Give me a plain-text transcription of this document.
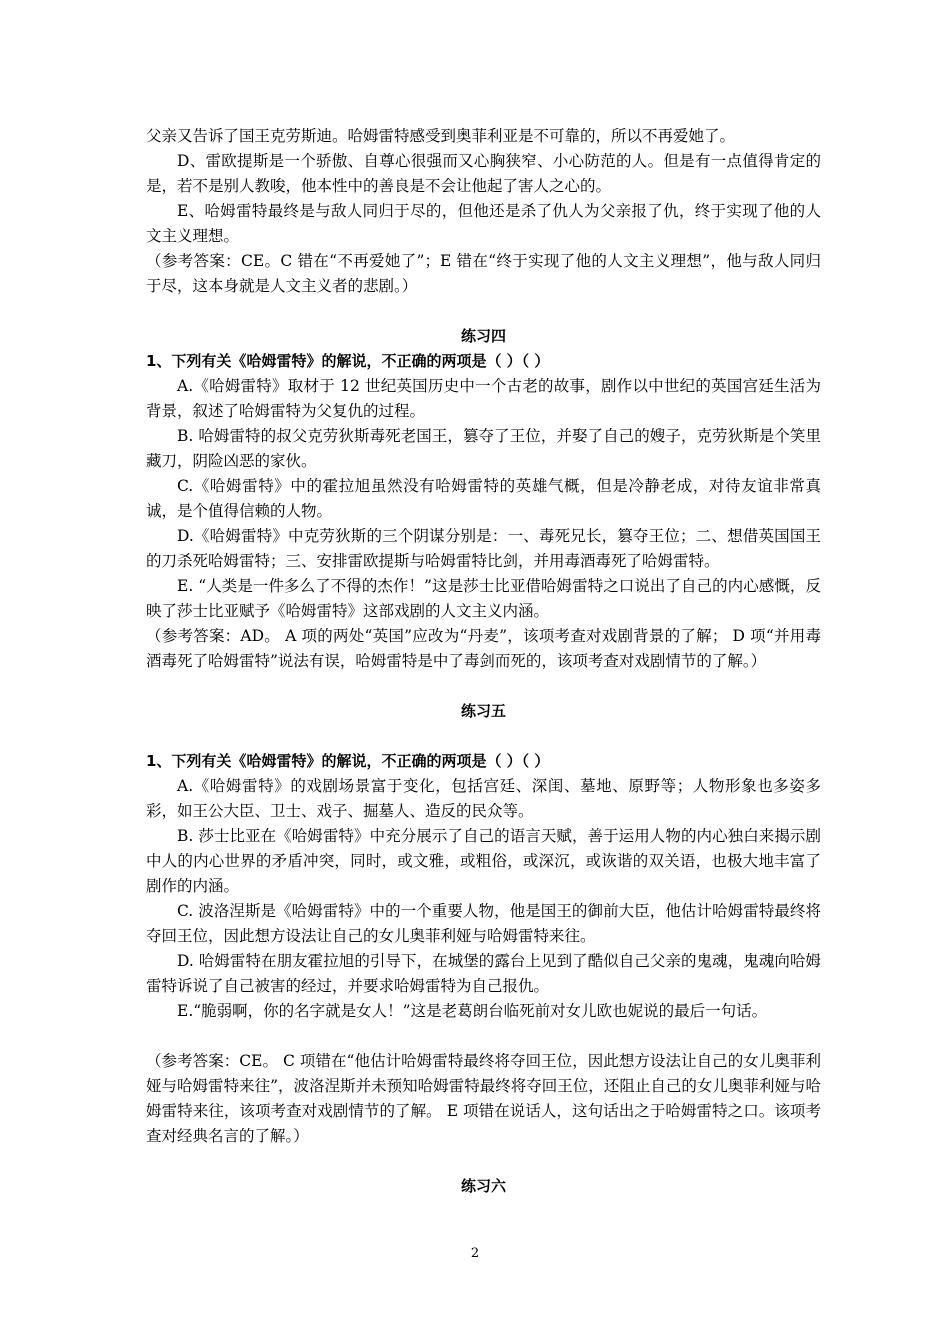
父亲又告诉了国王克劳斯迪。哈姆雷特感受到奥菲利亚是不可靠的，所以不再爱她了。

D、雷欧提斯是一个骄傲、自尊心很强而又心胸狭窄、小心防范的人。但是有一点值得肯定的是，若不是别人教唆，他本性中的善良是不会让他起了害人之心的。

E、哈姆雷特最终是与敌人同归于尽的，但他还是杀了仇人为父亲报了仇，终于实现了他的人文主义理想。

（参考答案：CE。C 错在“不再爱她了”；E 错在“终于实现了他的人文主义理想”，他与敌人同归于尽，这本身就是人文主义者的悲剧。）

练习四
1、下列有关《哈姆雷特》的解说，不正确的两项是（ ）（ ）

A.《哈姆雷特》取材于 12 世纪英国历史中一个古老的故事，剧作以中世纪的英国宫廷生活为背景，叙述了哈姆雷特为父复仇的过程。

B. 哈姆雷特的叔父克劳狄斯毒死老国王，篡夺了王位，并娶了自己的嫂子，克劳狄斯是个笑里藏刀，阴险凶恶的家伙。

C.《哈姆雷特》中的霍拉旭虽然没有哈姆雷特的英雄气概，但是冷静老成，对待友谊非常真诚，是个值得信赖的人物。

D.《哈姆雷特》中克劳狄斯的三个阴谋分别是：一、毒死兄长，篡夺王位；二、想借英国国王的刀杀死哈姆雷特；三、安排雷欧提斯与哈姆雷特比剑，并用毒酒毒死了哈姆雷特。

E. “人类是一件多么了不得的杰作！”这是莎士比亚借哈姆雷特之口说出了自己的内心感慨，反映了莎士比亚赋予《哈姆雷特》这部戏剧的人文主义内涵。

（参考答案：AD。 A 项的两处“英国”应改为“丹麦”，该项考查对戏剧背景的了解； D 项“并用毒酒毒死了哈姆雷特”说法有误，哈姆雷特是中了毒剑而死的，该项考查对戏剧情节的了解。）

练习五
1、下列有关《哈姆雷特》的解说，不正确的两项是（ ）（ ）

A.《哈姆雷特》的戏剧场景富于变化，包括宫廷、深闺、墓地、原野等；人物形象也多姿多彩，如王公大臣、卫士、戏子、掘墓人、造反的民众等。

B. 莎士比亚在《哈姆雷特》中充分展示了自己的语言天赋，善于运用人物的内心独白来揭示剧中人的内心世界的矛盾冲突，同时，或文雅，或粗俗，或深沉，或诙谐的双关语，也极大地丰富了剧作的内涵。

C. 波洛涅斯是《哈姆雷特》中的一个重要人物，他是国王的御前大臣，他估计哈姆雷特最终将夺回王位，因此想方设法让自己的女儿奥菲利娅与哈姆雷特来往。

D. 哈姆雷特在朋友霍拉旭的引导下，在城堡的露台上见到了酷似自己父亲的鬼魂，鬼魂向哈姆雷特诉说了自己被害的经过，并要求哈姆雷特为自己报仇。

E.“脆弱啊，你的名字就是女人！”这是老葛朗台临死前对女儿欧也妮说的最后一句话。

（参考答案：CE。 C 项错在“他估计哈姆雷特最终将夺回王位，因此想方设法让自己的女儿奥菲利娅与哈姆雷特来往”，波洛涅斯并未预知哈姆雷特最终将夺回王位，还阻止自己的女儿奥菲利娅与哈姆雷特来往，该项考查对戏剧情节的了解。 E 项错在说话人，这句话出之于哈姆雷特之口。该项考查对经典名言的了解。）

练习六
2
